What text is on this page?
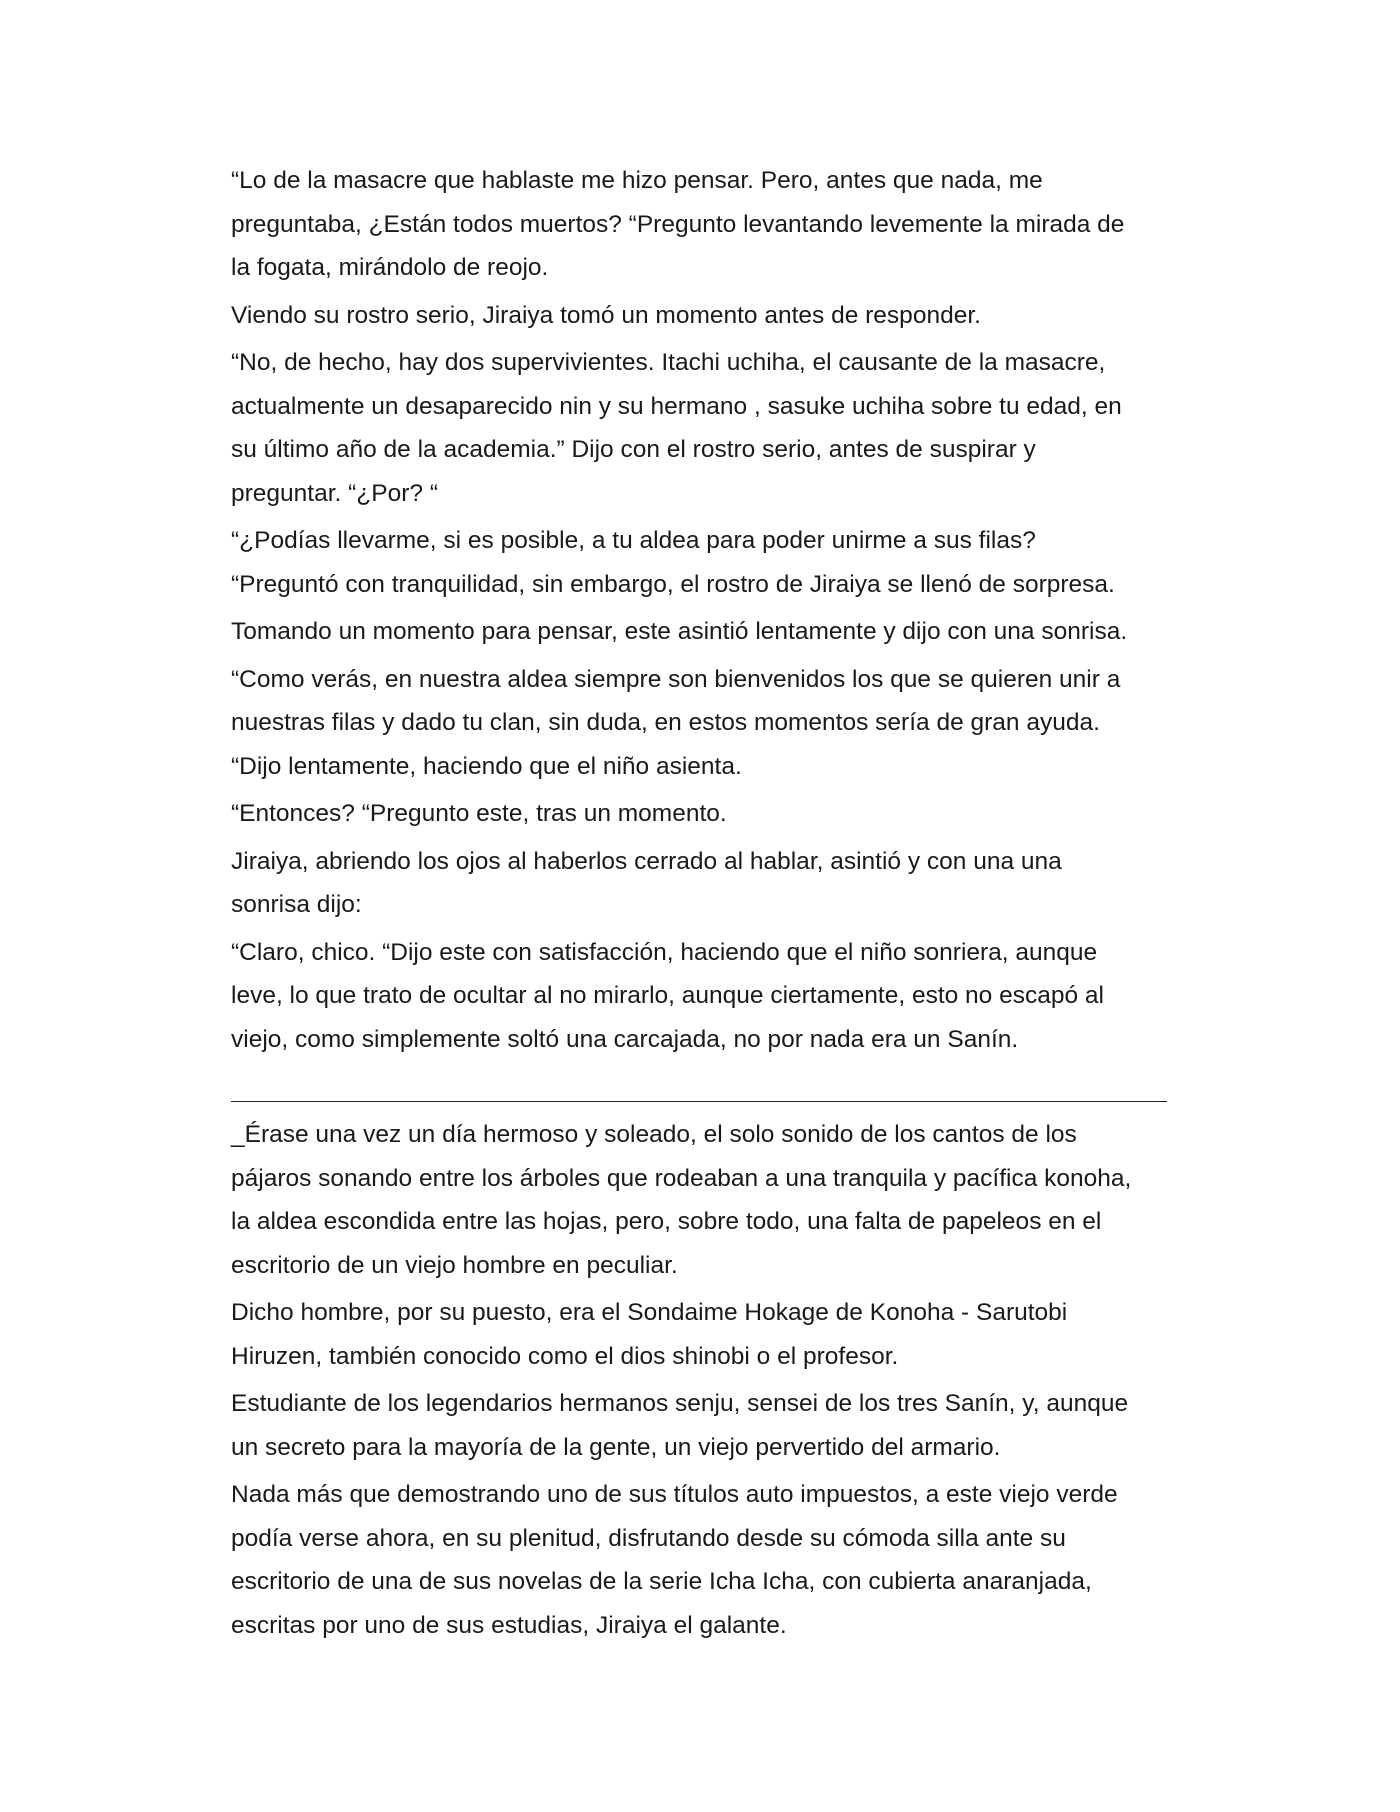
“Lo de la masacre que hablaste me hizo pensar. Pero, antes que nada, me
preguntaba, ¿Están todos muertos? “Pregunto levantando levemente la mirada de
la fogata, mirándolo de reojo.

Viendo su rostro serio, Jiraiya tomó un momento antes de responder.

“No, de hecho, hay dos supervivientes. Itachi uchiha, el causante de la masacre,
actualmente un desaparecido nin y su hermano , sasuke uchiha sobre tu edad, en
su último año de la academia.” Dijo con el rostro serio, antes de suspirar y
preguntar. “¿Por? “

“¿Podías llevarme, si es posible, a tu aldea para poder unirme a sus filas?
“Preguntó con tranquilidad, sin embargo, el rostro de Jiraiya se llenó de sorpresa.

Tomando un momento para pensar, este asintió lentamente y dijo con una sonrisa.

“Como verás, en nuestra aldea siempre son bienvenidos los que se quieren unir a
nuestras filas y dado tu clan, sin duda, en estos momentos sería de gran ayuda.
“Dijo lentamente, haciendo que el niño asienta.

“Entonces? “Pregunto este, tras un momento.

Jiraiya, abriendo los ojos al haberlos cerrado al hablar, asintió y con una una
sonrisa dijo:

“Claro, chico. “Dijo este con satisfacción, haciendo que el niño sonriera, aunque
leve, lo que trato de ocultar al no mirarlo, aunque ciertamente, esto no escapó al
viejo, como simplemente soltó una carcajada, no por nada era un Sanín.

_Érase una vez un día hermoso y soleado, el solo sonido de los cantos de los
pájaros sonando entre los árboles que rodeaban a una tranquila y pacífica konoha,
la aldea escondida entre las hojas, pero, sobre todo, una falta de papeleos en el
escritorio de un viejo hombre en peculiar.

Dicho hombre, por su puesto, era el Sondaime Hokage de Konoha - Sarutobi
Hiruzen, también conocido como el dios shinobi o el profesor.

Estudiante de los legendarios hermanos senju, sensei de los tres Sanín, y, aunque
un secreto para la mayoría de la gente, un viejo pervertido del armario.

Nada más que demostrando uno de sus títulos auto impuestos, a este viejo verde
podía verse ahora, en su plenitud, disfrutando desde su cómoda silla ante su
escritorio de una de sus novelas de la serie Icha Icha, con cubierta anaranjada,
escritas por uno de sus estudias, Jiraiya el galante.
